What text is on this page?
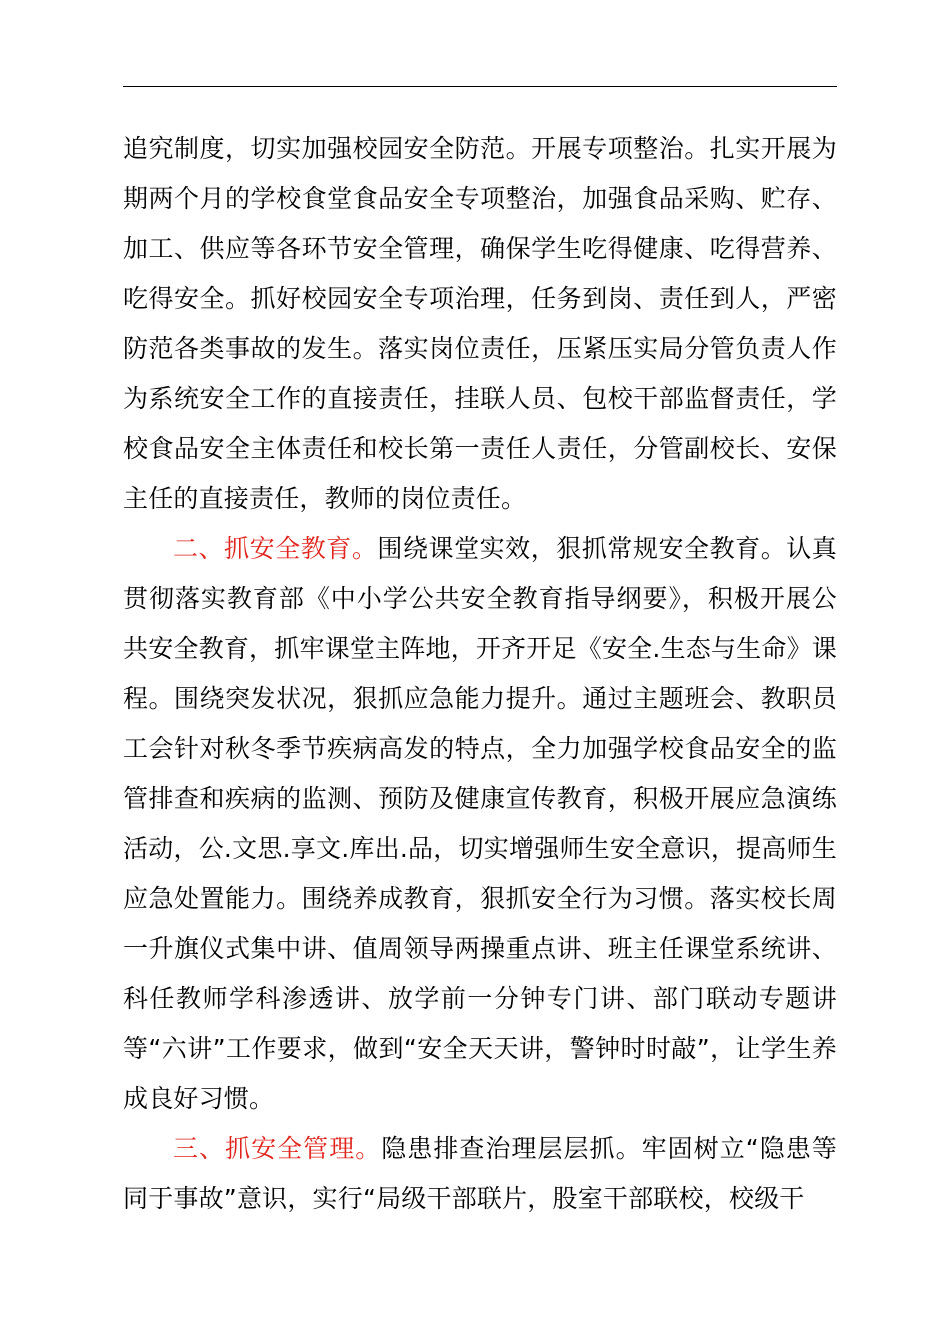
追究制度，切实加强校园安全防范。开展专项整治。扎实开展为期两个月的学校食堂食品安全专项整治，加强食品采购、贮存、加工、供应等各环节安全管理，确保学生吃得健康、吃得营养、吃得安全。抓好校园安全专项治理，任务到岗、责任到人，严密防范各类事故的发生。落实岗位责任，压紧压实局分管负责人作为系统安全工作的直接责任，挂联人员、包校干部监督责任，学校食品安全主体责任和校长第一责任人责任，分管副校长、安保主任的直接责任，教师的岗位责任。

二、抓安全教育。围绕课堂实效，狠抓常规安全教育。认真贯彻落实教育部《中小学公共安全教育指导纲要》，积极开展公共安全教育，抓牢课堂主阵地，开齐开足《安全.生态与生命》课程。围绕突发状况，狠抓应急能力提升。通过主题班会、教职员工会针对秋冬季节疾病高发的特点，全力加强学校食品安全的监管排查和疾病的监测、预防及健康宣传教育，积极开展应急演练活动，公.文思.享文.库出.品，切实增强师生安全意识，提高师生应急处置能力。围绕养成教育，狠抓安全行为习惯。落实校长周一升旗仪式集中讲、值周领导两操重点讲、班主任课堂系统讲、科任教师学科渗透讲、放学前一分钟专门讲、部门联动专题讲等“六讲”工作要求，做到“安全天天讲，警钟时时敲”，让学生养成良好习惯。

三、抓安全管理。隐患排查治理层层抓。牢固树立“隐患等同于事故”意识，实行“局级干部联片，股室干部联校，校级干
